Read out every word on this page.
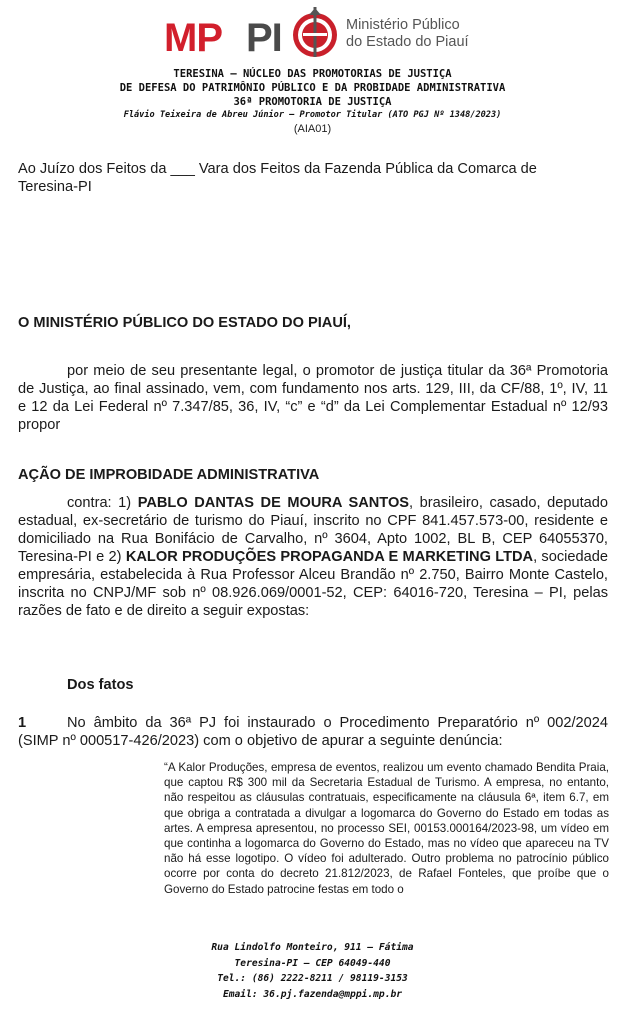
MP PI	Ministério Público
do Estado do Piauí
TERESINA – NÚCLEO DAS PROMOTORIAS DE JUSTIÇA
DE DEFESA DO PATRIMÔNIO PÚBLICO E DA PROBIDADE ADMINISTRATIVA
36ª PROMOTORIA DE JUSTIÇA
Flávio Teixeira de Abreu Júnior – Promotor Titular (ATO PGJ Nº 1348/2023)
(AIA01)
Ao Juízo dos Feitos da ___ Vara dos Feitos da Fazenda Pública da Comarca de Teresina-PI
O MINISTÉRIO PÚBLICO DO ESTADO DO PIAUÍ,
por meio de seu presentante legal, o promotor de justiça titular da 36ª Promotoria de Justiça, ao final assinado, vem, com fundamento nos arts. 129, III, da CF/88, 1º, IV, 11 e 12 da Lei Federal nº 7.347/85, 36, IV, “c” e “d” da Lei Complementar Estadual nº 12/93 propor
AÇÃO DE IMPROBIDADE ADMINISTRATIVA
contra: 1) PABLO DANTAS DE MOURA SANTOS, brasileiro, casado, deputado estadual, ex-secretário de turismo do Piauí, inscrito no CPF 841.457.573-00, residente e domiciliado na Rua Bonifácio de Carvalho, nº 3604, Apto 1002, BL B, CEP 64055370, Teresina-PI e 2) KALOR PRODUÇÕES PROPAGANDA E MARKETING LTDA, sociedade empresária, estabelecida à Rua Professor Alceu Brandão nº 2.750, Bairro Monte Castelo, inscrita no CNPJ/MF sob nº 08.926.069/0001-52, CEP: 64016-720, Teresina – PI, pelas razões de fato e de direito a seguir expostas:
Dos fatos
1	No âmbito da 36ª PJ foi instaurado o Procedimento Preparatório nº 002/2024 (SIMP nº 000517-426/2023) com o objetivo de apurar a seguinte denúncia:
“A Kalor Produções, empresa de eventos, realizou um evento chamado Bendita Praia, que captou R$ 300 mil da Secretaria Estadual de Turismo. A empresa, no entanto, não respeitou as cláusulas contratuais, especificamente na cláusula 6ª, item 6.7, em que obriga a contratada a divulgar a logomarca do Governo do Estado em todas as artes. A empresa apresentou, no processo SEI, 00153.000164/2023-98, um vídeo em que continha a logomarca do Governo do Estado, mas no vídeo que apareceu na TV não há esse logotipo. O vídeo foi adulterado. Outro problema no patrocínio público ocorre por conta do decreto 21.812/2023, de Rafael Fonteles, que proíbe que o Governo do Estado patrocine festas em todo o
Rua Lindolfo Monteiro, 911 – Fátima
Teresina-PI – CEP 64049-440
Tel.: (86) 2222-8211 / 98119-3153
Email: 36.pj.fazenda@mppi.mp.br
